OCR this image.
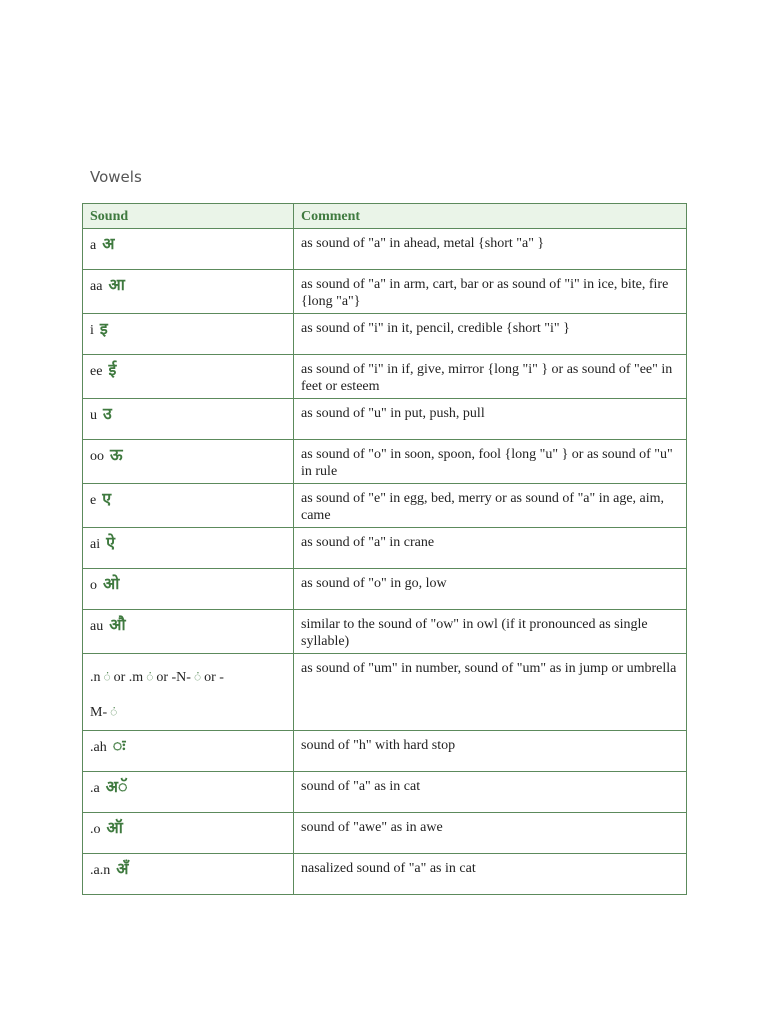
Vowels
Sound	Comment
a अ	as sound of "a" in ahead, metal {short "a" }
aa आ	as sound of "a" in arm, cart, bar or as sound of "i" in ice, bite, fire {long "a"}
i इ	as sound of "i" in it, pencil, credible {short "i" }
ee ई	as sound of "i" in if, give, mirror {long "i" } or as sound of "ee" in feet or esteem
u उ	as sound of "u" in put, push, pull
oo ऊ	as sound of "o" in soon, spoon, fool {long "u" } or as sound of "u" in rule
e ए	as sound of "e" in egg, bed, merry or as sound of "a" in age, aim, came
ai ऐ	as sound of "a" in crane
o ओ	as sound of "o" in go, low
au औ	similar to the sound of "ow" in owl (if it pronounced as single syllable)
.n ं or .m ं or -N- ं or -
M- ं	as sound of "um" in number, sound of "um" as in jump or umbrella
.ah ः	sound of "h" with hard stop
.a अॅ	sound of "a" as in cat
.o ऑ	sound of "awe" as in awe
.a.n अँ	nasalized sound of "a" as in cat
